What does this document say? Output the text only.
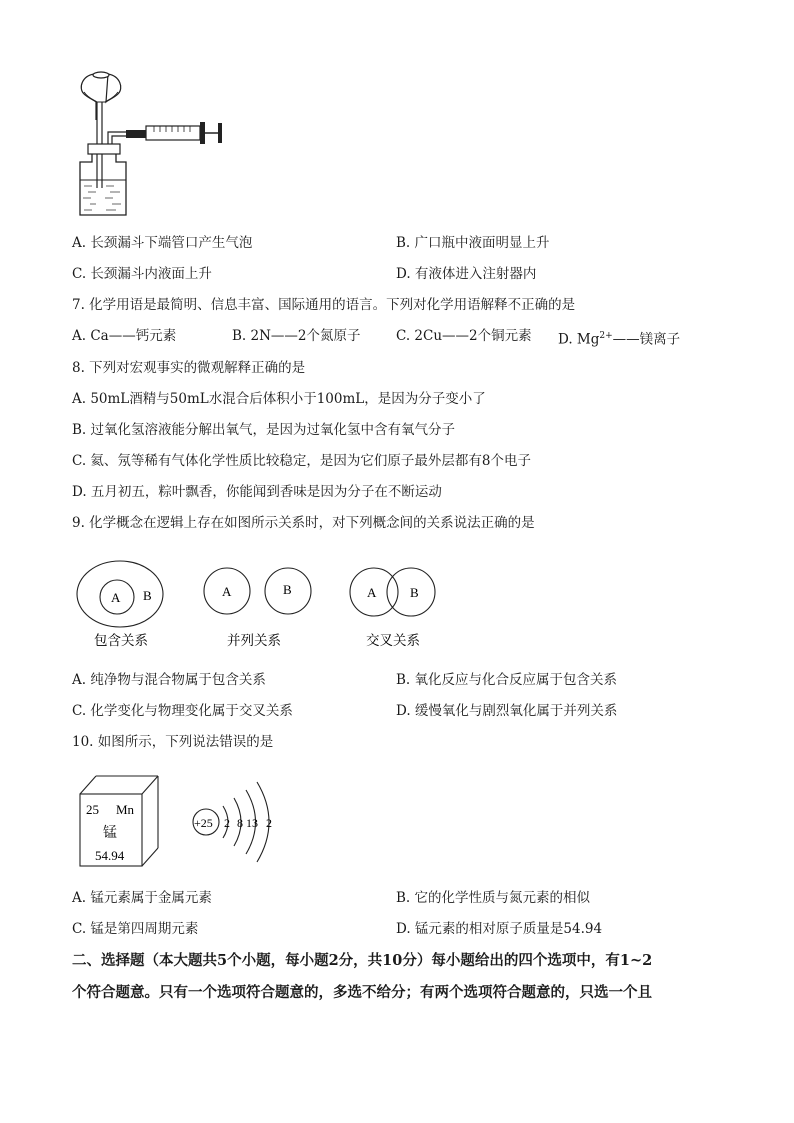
A. 长颈漏斗下端管口产生气泡	B. 广口瓶中液面明显上升
C. 长颈漏斗内液面上升	D. 有液体进入注射器内
7. 化学用语是最简明、信息丰富、国际通用的语言。下列对化学用语解释不正确的是
A. Ca——钙元素	B. 2N——2个氮原子	C. 2Cu——2个铜元素 D. $Mg^{2+}——$镁离子
8. 下列对宏观事实的微观解释正确的是
A. 50mL酒精与50mL水混合后体积小于100mL，是因为分子变小了
B. 过氧化氢溶液能分解出氧气，是因为过氧化氢中含有氧气分子
C. 氦、氖等稀有气体化学性质比较稳定，是因为它们原子最外层都有8个电子
D. 五月初五，粽叶飘香，你能闻到香味是因为分子在不断运动
9. 化学概念在逻辑上存在如图所示关系时，对下列概念间的关系说法正确的是
A B
包含关系
A	B
并列关系
A	B
交叉关系
A. 纯净物与混合物属于包含关系	B. 氧化反应与化合反应属于包含关系
C. 化学变化与物理变化属于交叉关系	D. 缓慢氧化与剧烈氧化属于并列关系
10. 如图所示，下列说法错误的是
25 Mn
锰
54.94
+25 2 8 13 2
A. 锰元素属于金属元素	B. 它的化学性质与氮元素的相似
C. 锰是第四周期元素	D. 锰元素的相对原子质量是54.94
二、选择题（本大题共5个小题，每小题2分，共10分）每小题给出的四个选项中，有1~2
个符合题意。只有一个选项符合题意的，多选不给分；有两个选项符合题意的，只选一个且
